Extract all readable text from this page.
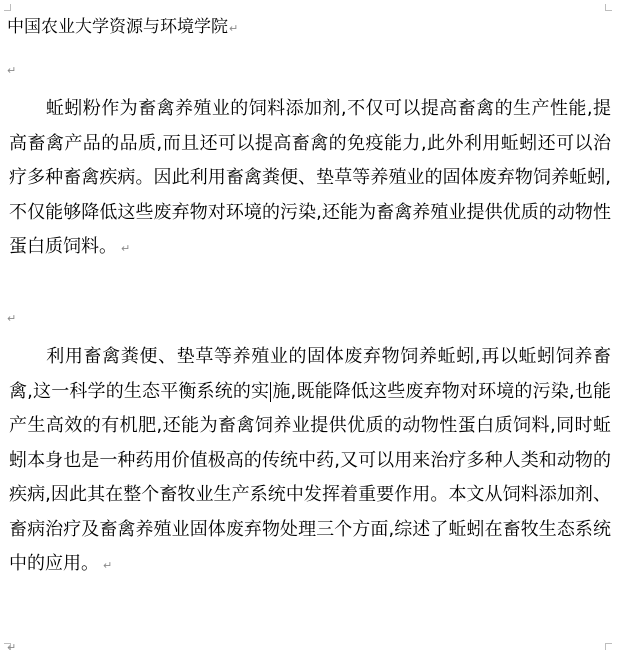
中国农业大学资源与环境学院↵
↵

　　蚯蚓粉作为畜禽养殖业的饲料添加剂,不仅可以提高畜禽的生产性能,提高畜禽产品的品质,而且还可以提高畜禽的免疫能力,此外利用蚯蚓还可以治疗多种畜禽疾病。因此利用畜禽粪便、垫草等养殖业的固体废弃物饲养蚯蚓,不仅能够降低这些废弃物对环境的污染,还能为畜禽养殖业提供优质的动物性蛋白质饲料。 ↵

↵

　　利用畜禽粪便、垫草等养殖业的固体废弃物饲养蚯蚓,再以蚯蚓饲养畜禽,这一科学的生态平衡系统的实 施,既能降低这些废弃物对环境的污染,也能产生高效的有机肥,还能为畜禽饲养业提供优质的动物性蛋白质饲料,同时蚯蚓本身也是一种药用价值极高的传统中药,又可以用来治疗多种人类和动物的疾病,因此其在整个畜牧业生产系统中发挥着重要作用。本文从饲料添加剂、畜病治疗及畜禽养殖业固体废弃物处理三个方面,综述了蚯蚓在畜牧生态系统中的应用。 ↵

↵
